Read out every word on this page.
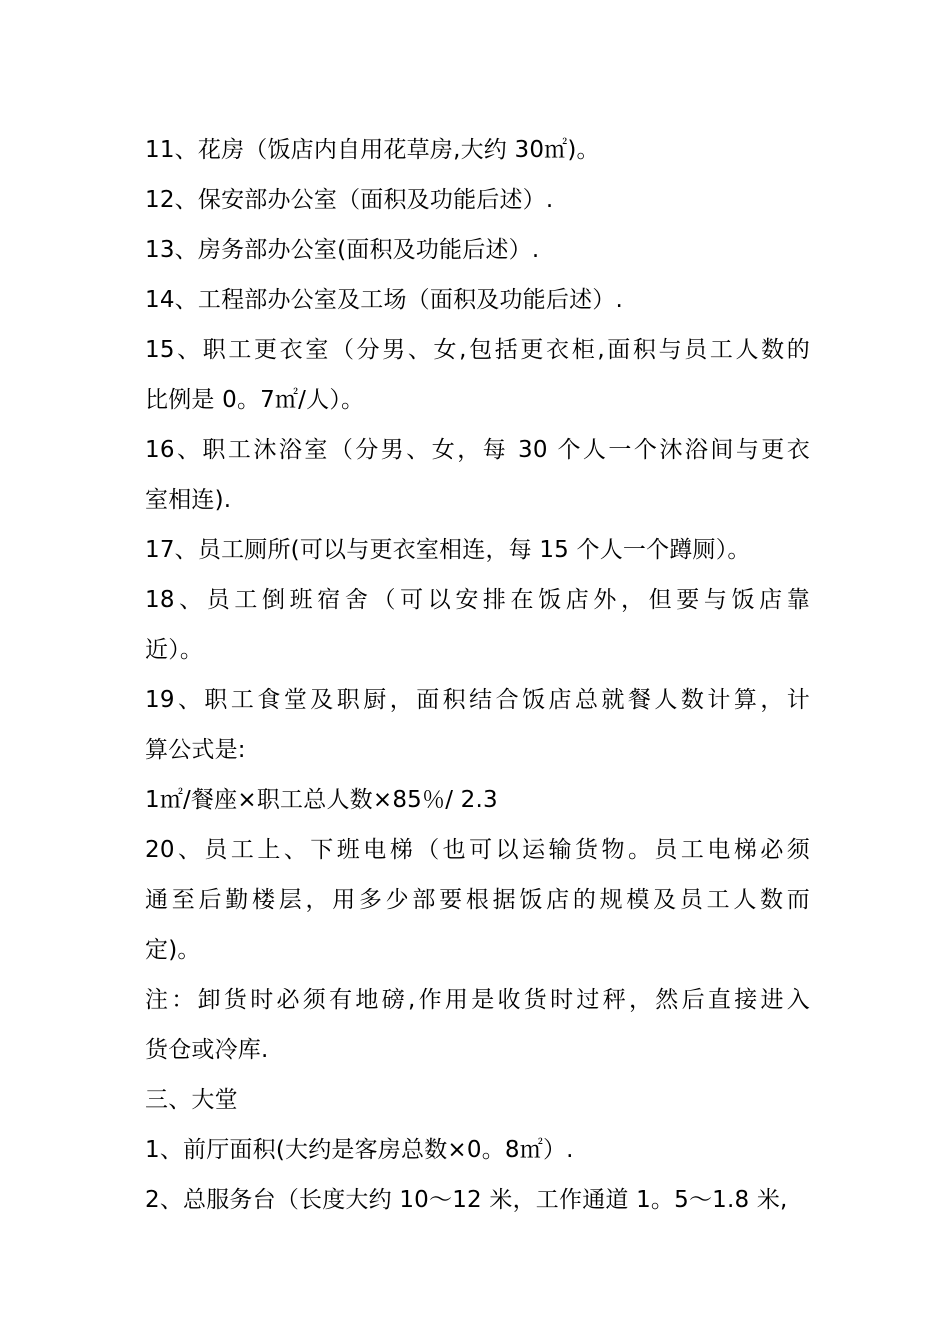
11、花房（饭店内自用花草房,大约 30㎡)。
12、保安部办公室（面积及功能后述）.
13、房务部办公室(面积及功能后述）.
14、工程部办公室及工场（面积及功能后述）.
15、职工更衣室（分男、女,包括更衣柜,面积与员工人数的
比例是 0。7㎡/人）。
16、职工沐浴室（分男、女，每 30 个人一个沐浴间与更衣
室相连).
17、员工厕所(可以与更衣室相连，每 15 个人一个蹲厕）。
18、员工倒班宿舍（可以安排在饭店外，但要与饭店靠
近）。
19、职工食堂及职厨，面积结合饭店总就餐人数计算，计
算公式是:
1㎡/餐座×职工总人数×85％/ 2.3
20、员工上、下班电梯（也可以运输货物。员工电梯必须
通至后勤楼层，用多少部要根据饭店的规模及员工人数而
定)。
注：卸货时必须有地磅,作用是收货时过秤，然后直接进入
货仓或冷库.
三、大堂
1、前厅面积(大约是客房总数×0。8㎡）.
2、总服务台（长度大约 10～12 米，工作通道 1。5～1.8 米,
